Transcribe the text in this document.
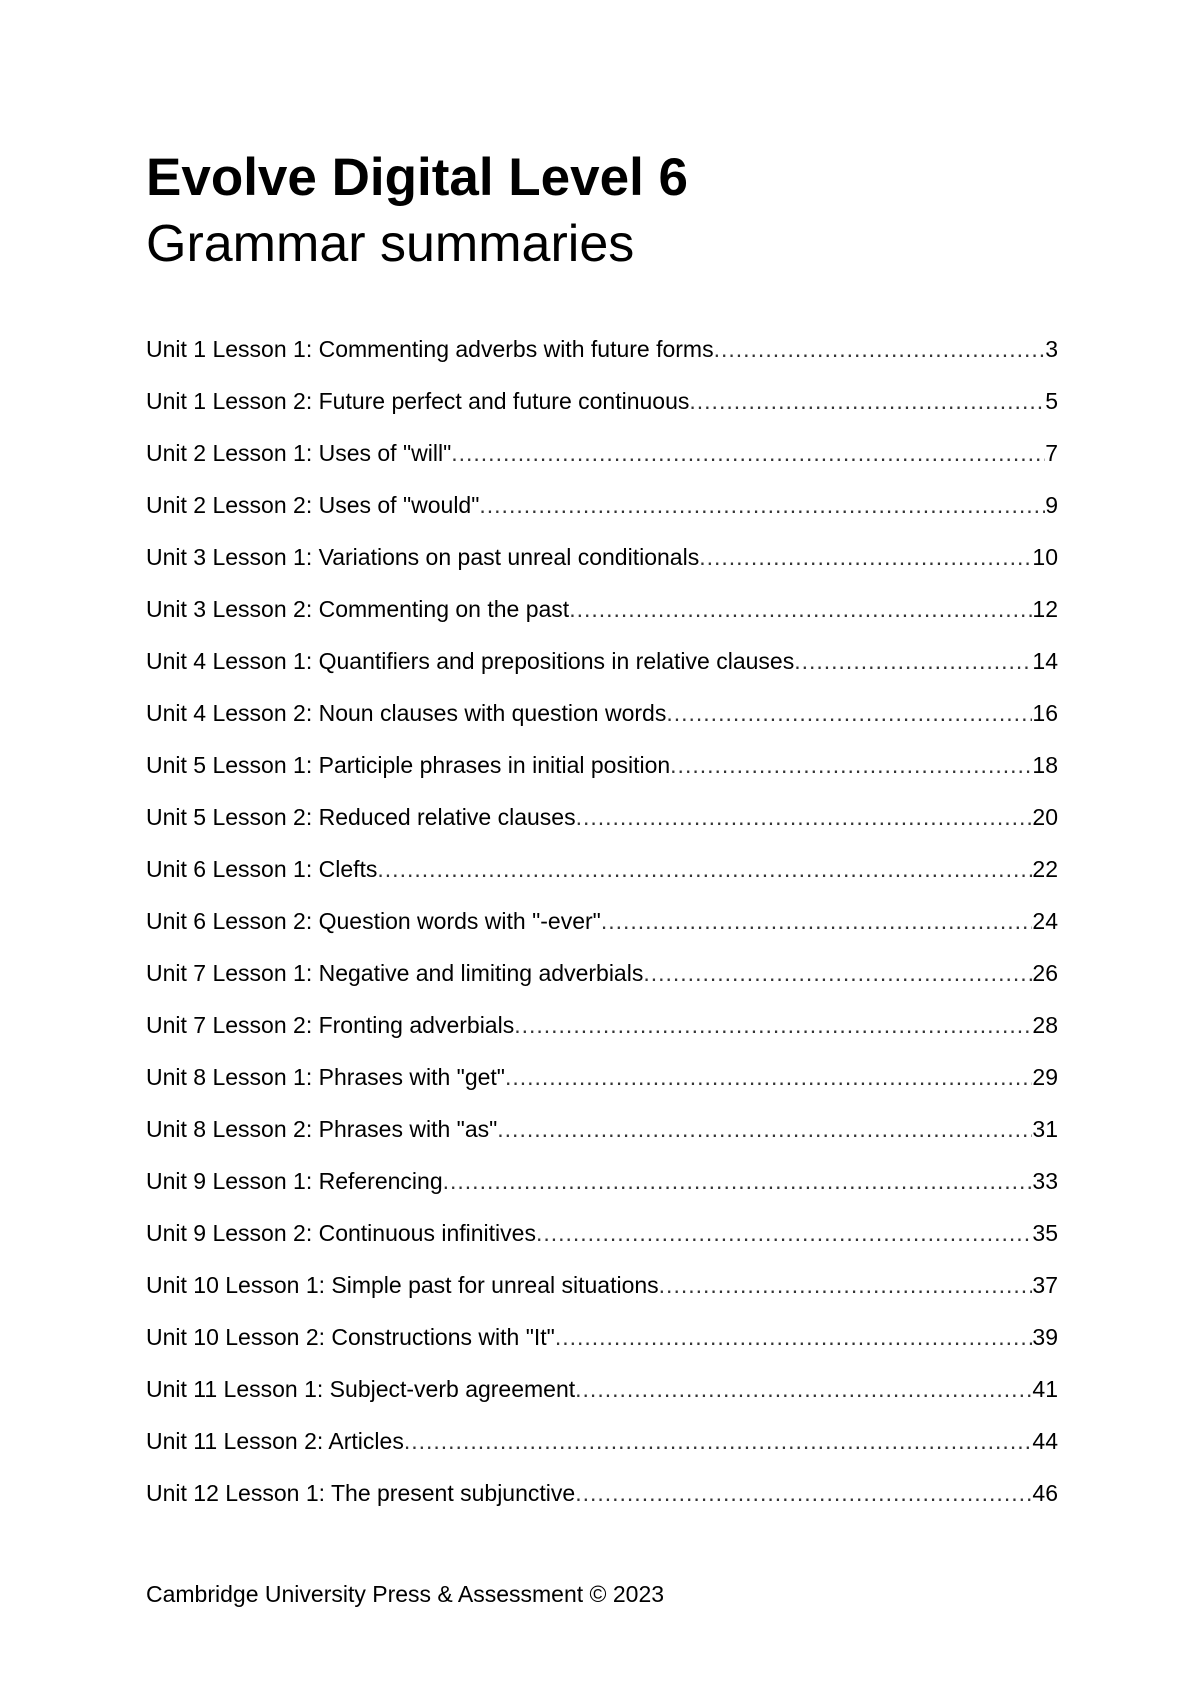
Evolve Digital Level 6
Grammar summaries
Unit 1 Lesson 1: Commenting adverbs with future forms .....	3
Unit 1 Lesson 2: Future perfect and future continuous .....	5
Unit 2 Lesson 1: Uses of "will" .....	7
Unit 2 Lesson 2: Uses of "would" .....	9
Unit 3 Lesson 1: Variations on past unreal conditionals .....	10
Unit 3 Lesson 2: Commenting on the past .....	12
Unit 4 Lesson 1: Quantifiers and prepositions in relative clauses .....	14
Unit 4 Lesson 2: Noun clauses with question words .....	16
Unit 5 Lesson 1: Participle phrases in initial position .....	18
Unit 5 Lesson 2: Reduced relative clauses .....	20
Unit 6 Lesson 1: Clefts .....	22
Unit 6 Lesson 2: Question words with "-ever" .....	24
Unit 7 Lesson 1: Negative and limiting adverbials .....	26
Unit 7 Lesson 2: Fronting adverbials .....	28
Unit 8 Lesson 1: Phrases with "get" .....	29
Unit 8 Lesson 2: Phrases with "as" .....	31
Unit 9 Lesson 1: Referencing .....	33
Unit 9 Lesson 2: Continuous infinitives .....	35
Unit 10 Lesson 1: Simple past for unreal situations .....	37
Unit 10 Lesson 2: Constructions with "It" .....	39
Unit 11 Lesson 1: Subject-verb agreement .....	41
Unit 11 Lesson 2: Articles .....	44
Unit 12 Lesson 1: The present subjunctive .....	46

Cambridge University Press & Assessment © 2023
